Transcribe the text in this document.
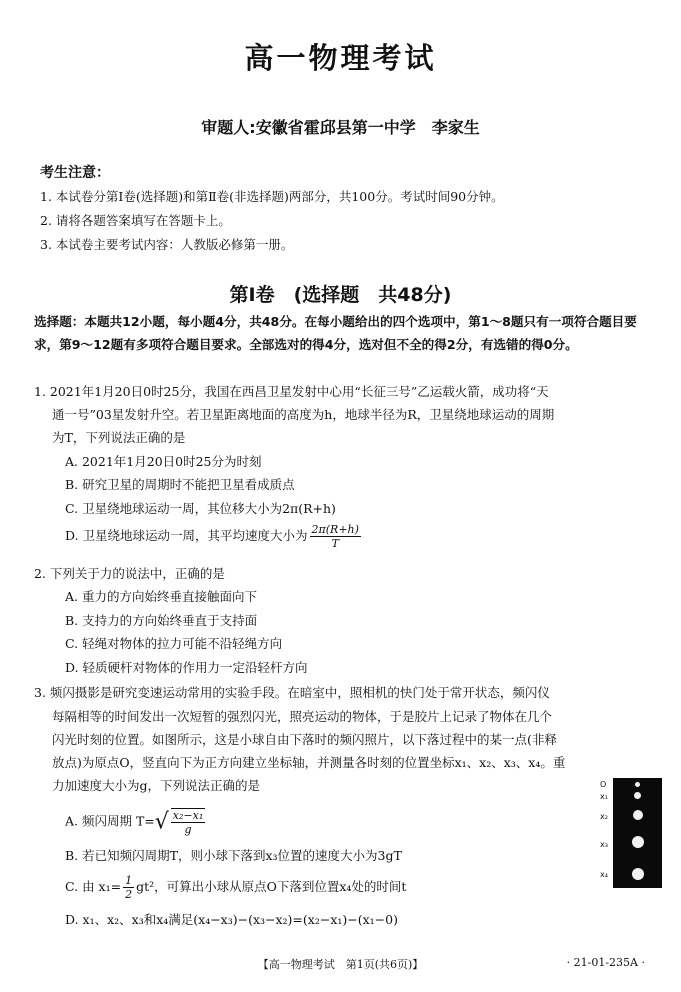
高一物理考试
审题人:安徽省霍邱县第一中学　李家生
考生注意：
1. 本试卷分第Ⅰ卷(选择题)和第Ⅱ卷(非选择题)两部分，共100分。考试时间90分钟。
2. 请将各题答案填写在答题卡上。
3. 本试卷主要考试内容：人教版必修第一册。
第Ⅰ卷　(选择题　共48分)
选择题：本题共12小题，每小题4分，共48分。在每小题给出的四个选项中，第1～8题只有一项符合题目要求，第9～12题有多项符合题目要求。全部选对的得4分，选对但不全的得2分，有选错的得0分。
1. 2021年1月20日0时25分，我国在西昌卫星发射中心用“长征三号”乙运载火箭，成功将“天
通一号”03星发射升空。若卫星距离地面的高度为h，地球半径为R，卫星绕地球运动的周期
为T，下列说法正确的是
A. 2021年1月20日0时25分为时刻
B. 研究卫星的周期时不能把卫星看成质点
C. 卫星绕地球运动一周，其位移大小为2π(R+h)
D. 卫星绕地球运动一周，其平均速度大小为 $\frac{2\pi(R+h)}{T}$
2. 下列关于力的说法中，正确的是
A. 重力的方向始终垂直接触面向下
B. 支持力的方向始终垂直于支持面
C. 轻绳对物体的拉力可能不沿轻绳方向
D. 轻质硬杆对物体的作用力一定沿轻杆方向
3. 频闪摄影是研究变速运动常用的实验手段。在暗室中，照相机的快门处于常开状态，频闪仪
每隔相等的时间发出一次短暂的强烈闪光，照亮运动的物体，于是胶片上记录了物体在几个
闪光时刻的位置。如图所示，这是小球自由下落时的频闪照片，以下落过程中的某一点(非释
放点)为原点O，竖直向下为正方向建立坐标轴，并测量各时刻的位置坐标x₁、x₂、x₃、x₄。重
力加速度大小为g，下列说法正确的是
A. 频闪周期 $T=√ \frac{\text{x₂−x₁}}{g}$
B. 若已知频闪周期T，则小球下落到x₃位置的速度大小为3gT
C. 由 $x_1= \frac{1}{2} gt^2$，可算出小球从原点O下落到位置x₄处的时间t
D. x₁、x₂、x₃和x₄满足(x₄−x₃)−(x₃−x₂)=(x₂−x₁)−(x₁−0)
O
x₁
x₂
x₃
x₄
【高一物理考试　第1页(共6页)】	· 21-01-235A ·
